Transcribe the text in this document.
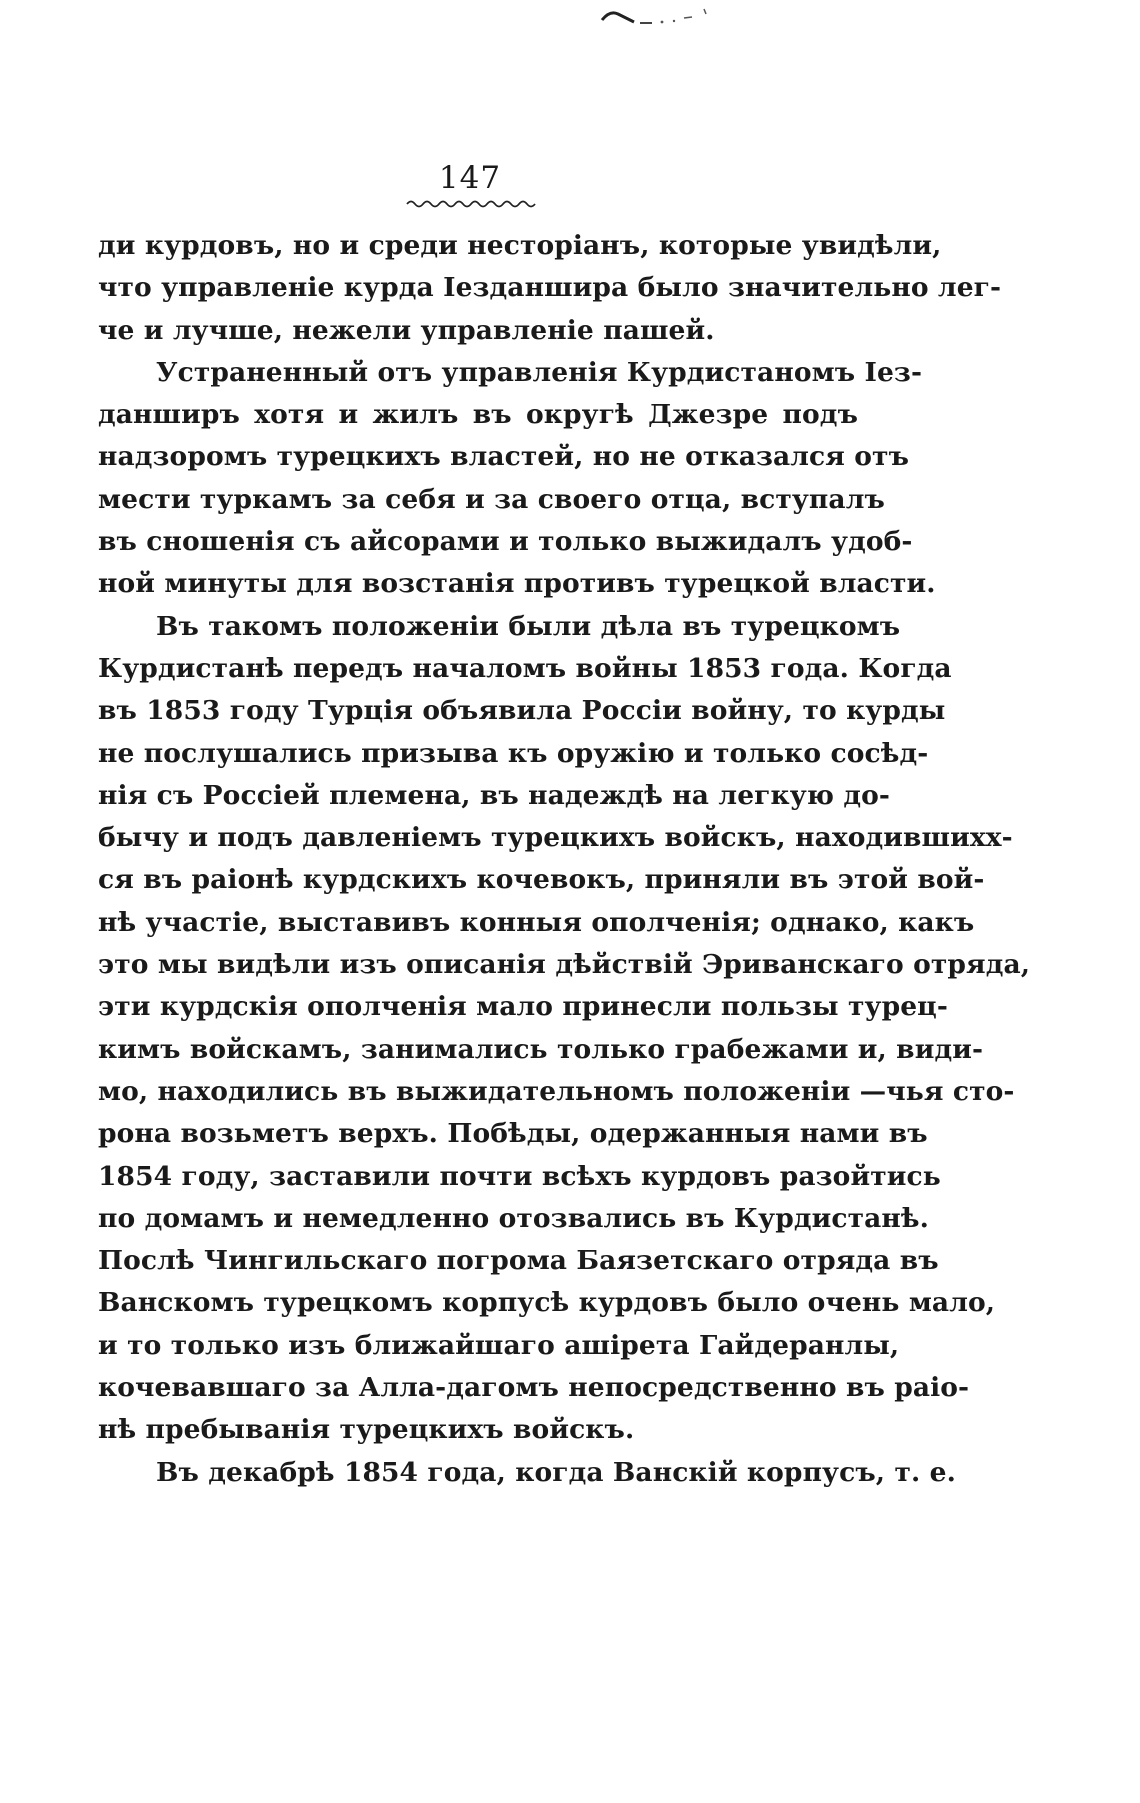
147
ди курдовъ, но и среди несторіанъ, которые увидѣли,
что управленіе курда Іезданшира было значительно лег-
че и лучше, нежели управленіе пашей.
Устраненный отъ управленія Курдистаномъ Іез-
данширъ хотя и жилъ въ округѣ Джезре подъ
надзоромъ турецкихъ властей, но не отказался отъ
мести туркамъ за себя и за своего отца, вступалъ
въ сношенія съ айсорами и только выжидалъ удоб-
ной минуты для возстанія противъ турецкой власти.
Въ такомъ положеніи были дѣла въ турецкомъ
Курдистанѣ передъ началомъ войны 1853 года. Когда
въ 1853 году Турція объявила Россіи войну, то курды
не послушались призыва къ оружію и только сосѣд-
нія съ Россіей племена, въ надеждѣ на легкую до-
бычу и подъ давленіемъ турецкихъ войскъ, находившихх-
ся въ раіонѣ курдскихъ кочевокъ, приняли въ этой вой-
нѣ участіе, выставивъ конныя ополченія; однако, какъ
это мы видѣли изъ описанія дѣйствій Эриванскаго отряда,
эти курдскія ополченія мало принесли пользы турец-
кимъ войскамъ, занимались только грабежами и, види-
мо, находились въ выжидательномъ положеніи —чья сто-
рона возьметъ верхъ. Побѣды, одержанныя нами въ
1854 году, заставили почти всѣхъ курдовъ разойтись
по домамъ и немедленно отозвались въ Курдистанѣ.
Послѣ Чингильскаго погрома Баязетскаго отряда въ
Ванскомъ турецкомъ корпусѣ курдовъ было очень мало,
и то только изъ ближайшаго ашірета Гайдеранлы,
кочевавшаго за Алла-дагомъ непосредственно въ раіо-
нѣ пребыванія турецкихъ войскъ.
Въ декабрѣ 1854 года, когда Ванскій корпусъ, т. е.
